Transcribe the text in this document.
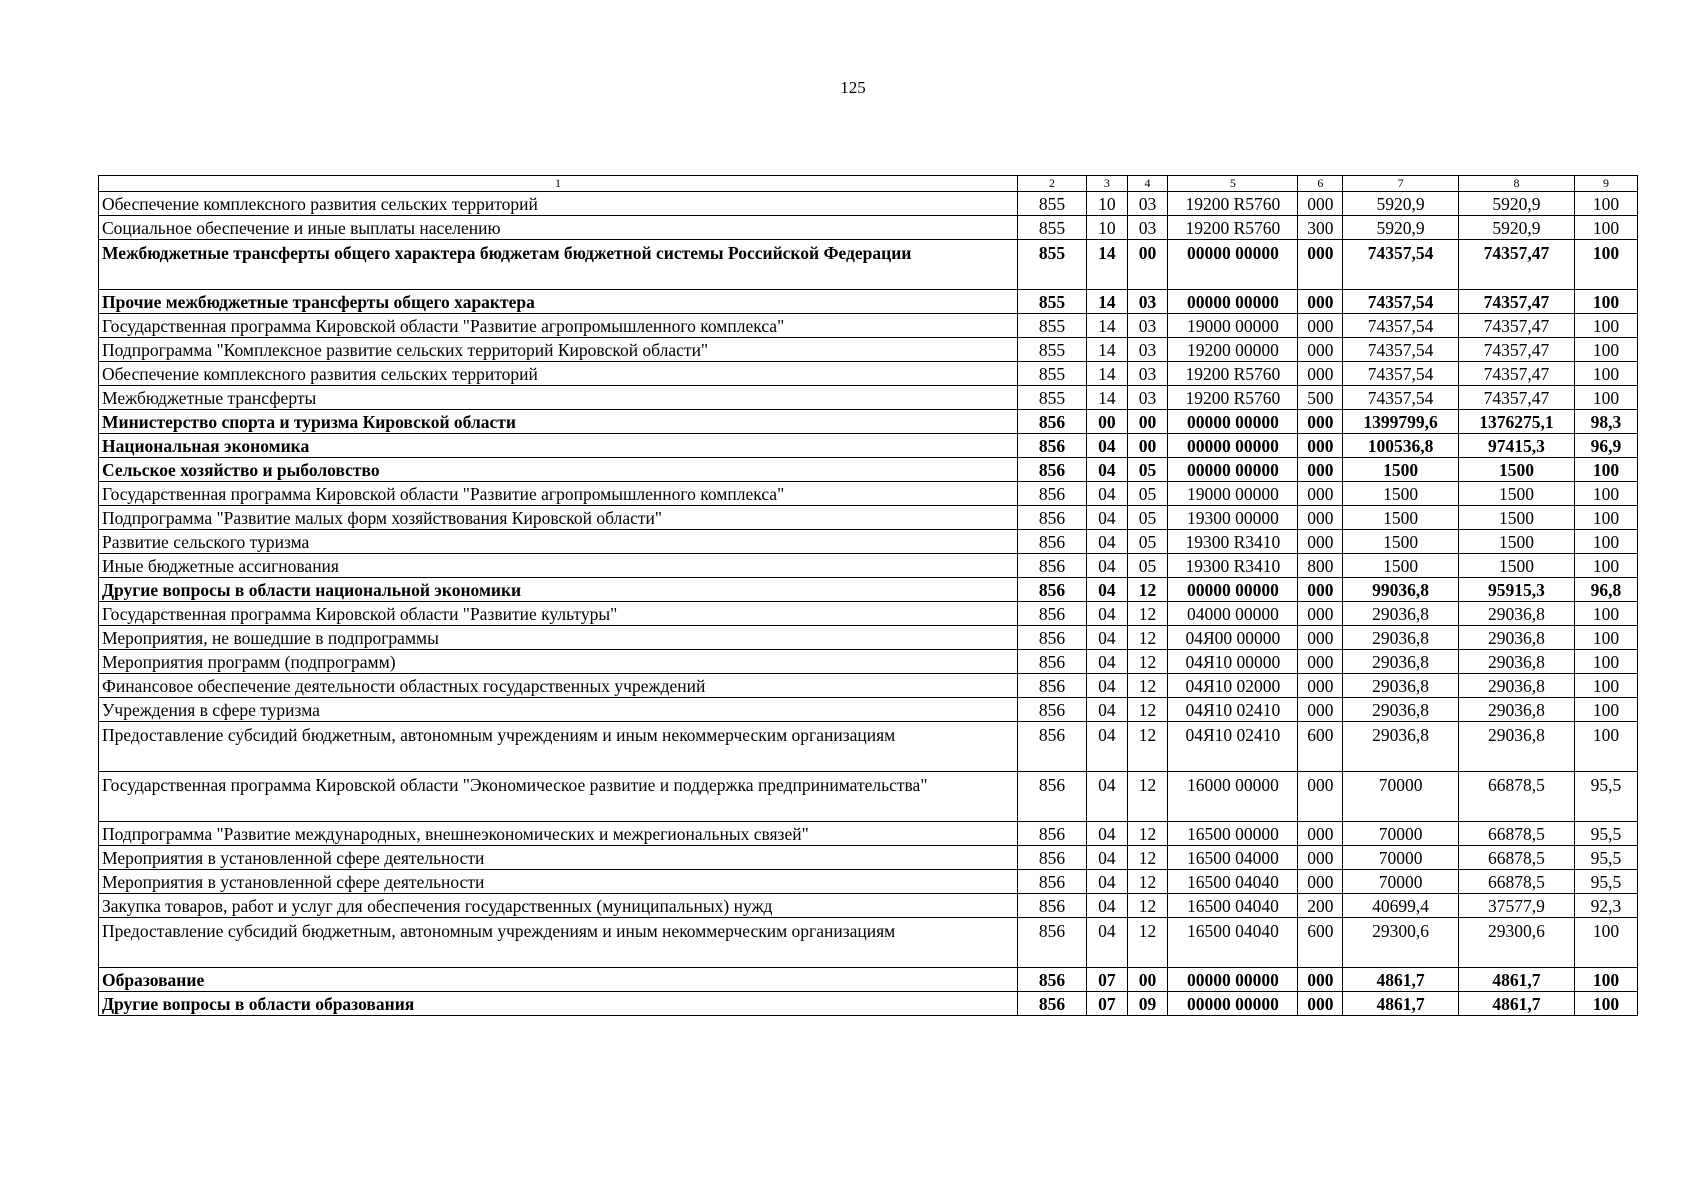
125
1	2	3	4	5	6	7	8	9
Обеспечение комплексного развития сельских территорий	855	10	03	19200 R5760	000	5920,9	5920,9	100
Социальное обеспечение и иные выплаты населению	855	10	03	19200 R5760	300	5920,9	5920,9	100
Межбюджетные трансферты общего характера бюджетам бюджетной системы Российской Федерации	855	14	00	00000 00000	000	74357,54	74357,47	100
Прочие межбюджетные трансферты общего характера	855	14	03	00000 00000	000	74357,54	74357,47	100
Государственная программа Кировской области "Развитие агропромышленного комплекса"	855	14	03	19000 00000	000	74357,54	74357,47	100
Подпрограмма "Комплексное развитие сельских территорий Кировской области"	855	14	03	19200 00000	000	74357,54	74357,47	100
Обеспечение комплексного развития сельских территорий	855	14	03	19200 R5760	000	74357,54	74357,47	100
Межбюджетные трансферты	855	14	03	19200 R5760	500	74357,54	74357,47	100
Министерство спорта и туризма Кировской области	856	00	00	00000 00000	000	1399799,6	1376275,1	98,3
Национальная экономика	856	04	00	00000 00000	000	100536,8	97415,3	96,9
Сельское хозяйство и рыболовство	856	04	05	00000 00000	000	1500	1500	100
Государственная программа Кировской области "Развитие агропромышленного комплекса"	856	04	05	19000 00000	000	1500	1500	100
Подпрограмма "Развитие малых форм хозяйствования Кировской области"	856	04	05	19300 00000	000	1500	1500	100
Развитие сельского туризма	856	04	05	19300 R3410	000	1500	1500	100
Иные бюджетные ассигнования	856	04	05	19300 R3410	800	1500	1500	100
Другие вопросы в области национальной экономики	856	04	12	00000 00000	000	99036,8	95915,3	96,8
Государственная программа Кировской области "Развитие культуры"	856	04	12	04000 00000	000	29036,8	29036,8	100
Мероприятия, не вошедшие в подпрограммы	856	04	12	04Я00 00000	000	29036,8	29036,8	100
Мероприятия программ (подпрограмм)	856	04	12	04Я10 00000	000	29036,8	29036,8	100
Финансовое обеспечение деятельности областных государственных учреждений	856	04	12	04Я10 02000	000	29036,8	29036,8	100
Учреждения в сфере туризма	856	04	12	04Я10 02410	000	29036,8	29036,8	100
Предоставление субсидий бюджетным, автономным учреждениям и иным некоммерческим организациям	856	04	12	04Я10 02410	600	29036,8	29036,8	100
Государственная программа Кировской области "Экономическое развитие и поддержка предпринимательства"	856	04	12	16000 00000	000	70000	66878,5	95,5
Подпрограмма "Развитие международных, внешнеэкономических и межрегиональных связей"	856	04	12	16500 00000	000	70000	66878,5	95,5
Мероприятия в установленной сфере деятельности	856	04	12	16500 04000	000	70000	66878,5	95,5
Мероприятия в установленной сфере деятельности	856	04	12	16500 04040	000	70000	66878,5	95,5
Закупка товаров, работ и услуг для обеспечения государственных (муниципальных) нужд	856	04	12	16500 04040	200	40699,4	37577,9	92,3
Предоставление субсидий бюджетным, автономным учреждениям и иным некоммерческим организациям	856	04	12	16500 04040	600	29300,6	29300,6	100
Образование	856	07	00	00000 00000	000	4861,7	4861,7	100
Другие вопросы в области образования	856	07	09	00000 00000	000	4861,7	4861,7	100
